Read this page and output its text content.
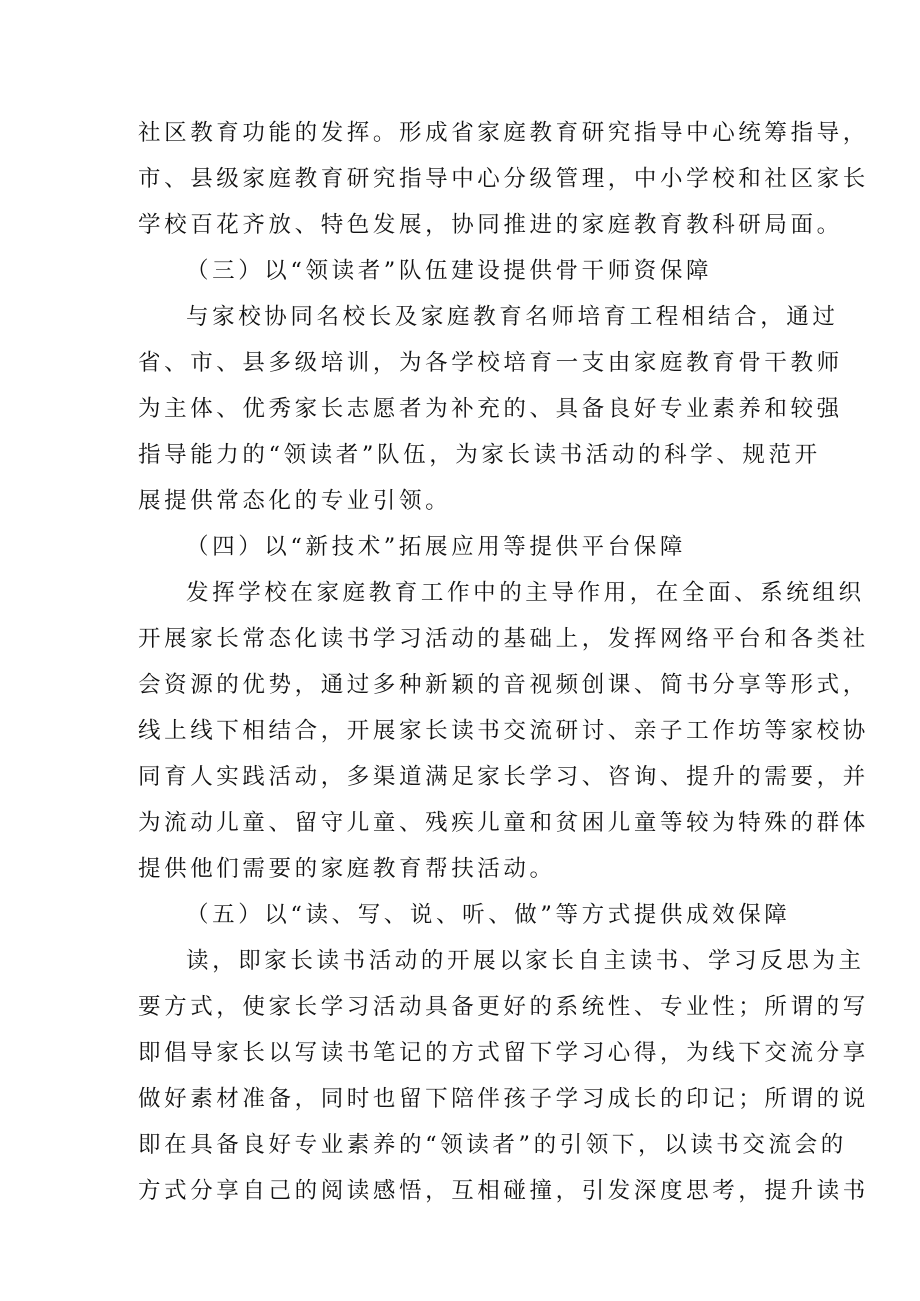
社区教育功能的发挥。形成省家庭教育研究指导中心统筹指导，
市、县级家庭教育研究指导中心分级管理，中小学校和社区家长
学校百花齐放、特色发展，协同推进的家庭教育教科研局面。
（三）以“领读者”队伍建设提供骨干师资保障
与家校协同名校长及家庭教育名师培育工程相结合，通过
省、市、县多级培训，为各学校培育一支由家庭教育骨干教师
为主体、优秀家长志愿者为补充的、具备良好专业素养和较强
指导能力的“领读者”队伍，为家长读书活动的科学、规范开
展提供常态化的专业引领。
（四）以“新技术”拓展应用等提供平台保障
发挥学校在家庭教育工作中的主导作用，在全面、系统组织
开展家长常态化读书学习活动的基础上，发挥网络平台和各类社
会资源的优势，通过多种新颖的音视频创课、简书分享等形式，
线上线下相结合，开展家长读书交流研讨、亲子工作坊等家校协
同育人实践活动，多渠道满足家长学习、咨询、提升的需要，并
为流动儿童、留守儿童、残疾儿童和贫困儿童等较为特殊的群体
提供他们需要的家庭教育帮扶活动。
（五）以“读、写、说、听、做”等方式提供成效保障
读，即家长读书活动的开展以家长自主读书、学习反思为主
要方式，使家长学习活动具备更好的系统性、专业性；所谓的写
即倡导家长以写读书笔记的方式留下学习心得，为线下交流分享
做好素材准备，同时也留下陪伴孩子学习成长的印记；所谓的说
即在具备良好专业素养的“领读者”的引领下，以读书交流会的
方式分享自己的阅读感悟，互相碰撞，引发深度思考，提升读书
